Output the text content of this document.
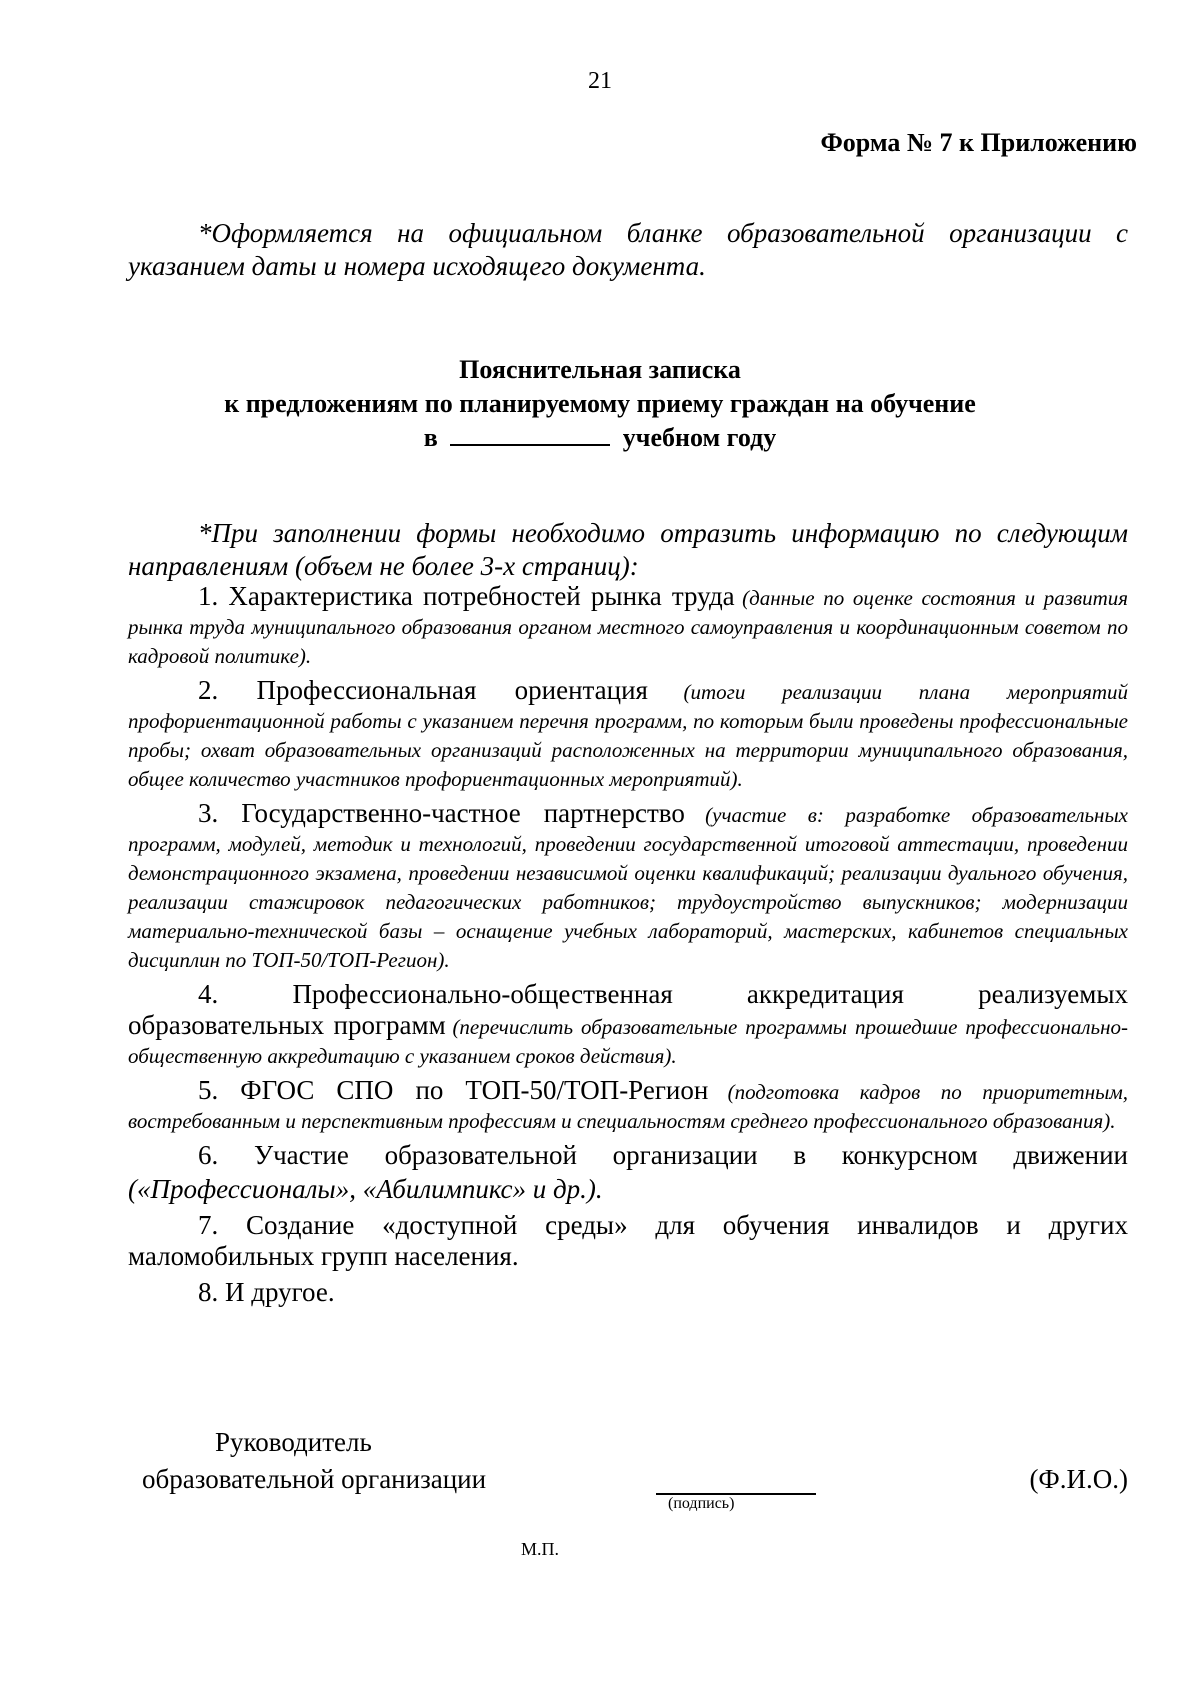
21
Форма № 7 к Приложению

*Оформляется на официальном бланке образовательной организации с указанием даты и номера исходящего документа.

Пояснительная записка
к предложениям по планируемому приему граждан на обучение
в	учебном году

*При заполнении формы необходимо отразить информацию по следующим направлениям (объем не более 3-х страниц):

1. Характеристика потребностей рынка труда (данные по оценке состояния и развития рынка труда муниципального образования органом местного самоуправления и координационным советом по кадровой политике).

2. Профессиональная ориентация (итоги реализации плана мероприятий профориентационной работы с указанием перечня программ, по которым были проведены профессиональные пробы; охват образовательных организаций расположенных на территории муниципального образования, общее количество участников профориентационных мероприятий).

3. Государственно-частное партнерство (участие в: разработке образовательных программ, модулей, методик и технологий, проведении государственной итоговой аттестации, проведении демонстрационного экзамена, проведении независимой оценки квалификаций; реализации дуального обучения, реализации стажировок педагогических работников; трудоустройство выпускников; модернизации материально-технической базы – оснащение учебных лабораторий, мастерских, кабинетов специальных дисциплин по ТОП-50/ТОП-Регион).

4. Профессионально-общественная аккредитация реализуемых образовательных программ (перечислить образовательные программы прошедшие профессионально-общественную аккредитацию с указанием сроков действия).

5. ФГОС СПО по ТОП-50/ТОП-Регион (подготовка кадров по приоритетным, востребованным и перспективным профессиям и специальностям среднего профессионального образования).

6. Участие образовательной организации в конкурсном движении («Профессионалы», «Абилимпикс» и др.).

7. Создание «доступной среды» для обучения инвалидов и других маломобильных групп населения.

8. И другое.

Руководитель
образовательной организации
(подпись)
(Ф.И.О.)
М.П.
